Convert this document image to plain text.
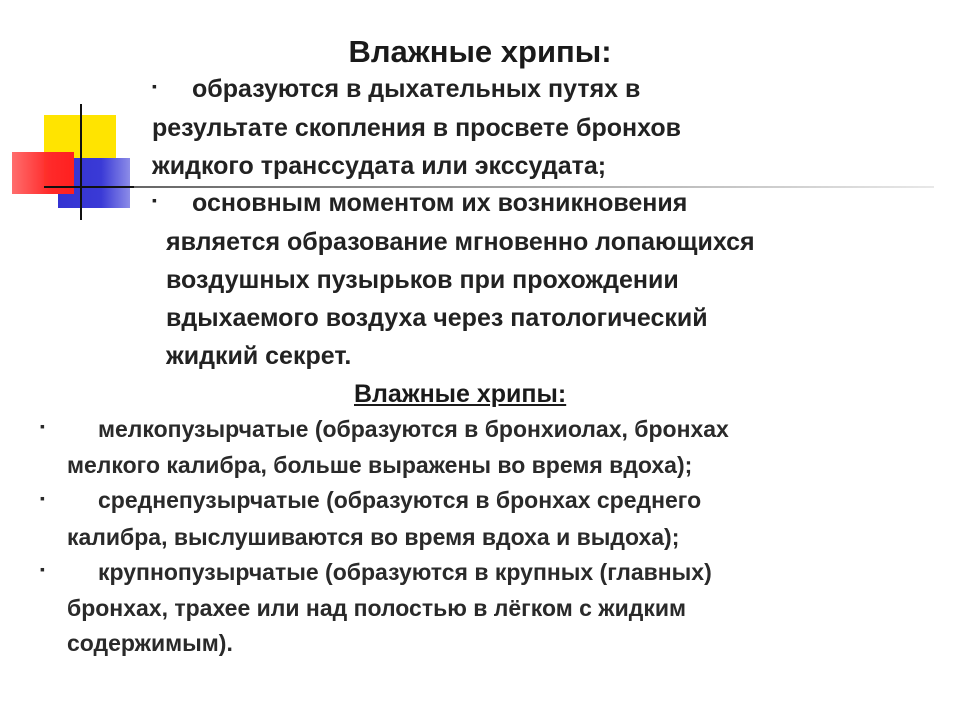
Влажные хрипы:
▪ образуются в дыхательных путях в
результате скопления в просвете бронхов
жидкого транссудата или экссудата;
▪ основным моментом их возникновения
является образование мгновенно лопающихся
воздушных пузырьков при прохождении
вдыхаемого воздуха через патологический
жидкий секрет.
Влажные хрипы:
▪ мелкопузырчатые (образуются в бронхиолах, бронхах
мелкого калибра, больше выражены во время вдоха);
▪ среднепузырчатые (образуются в бронхах среднего
калибра, выслушиваются во время вдоха и выдоха);
▪ крупнопузырчатые (образуются в крупных (главных)
бронхах, трахее или над полостью в лёгком с жидким
содержимым).
